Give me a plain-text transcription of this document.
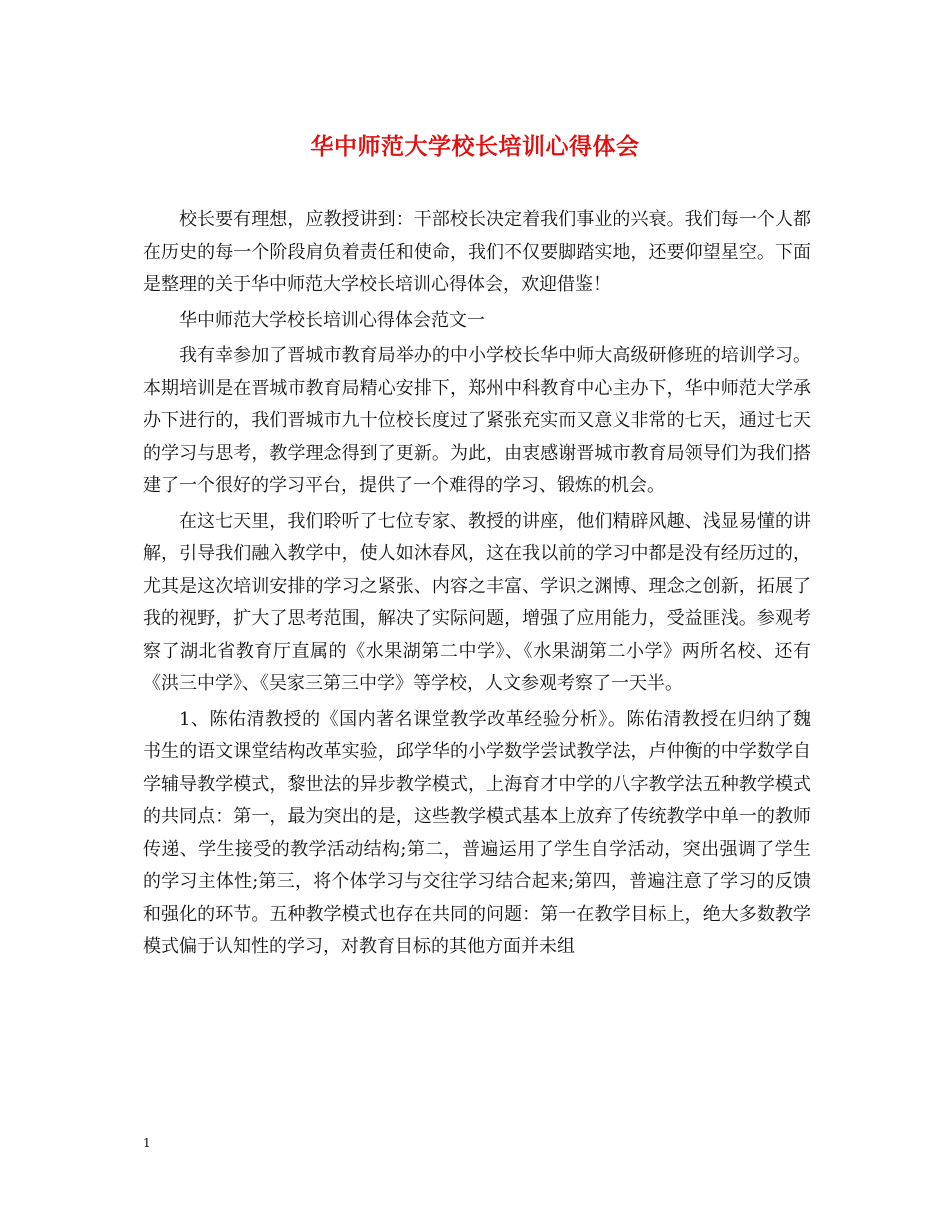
华中师范大学校长培训心得体会

校长要有理想，应教授讲到：干部校长决定着我们事业的兴衰。我们每一个人都在历史的每一个阶段肩负着责任和使命，我们不仅要脚踏实地，还要仰望星空。下面是整理的关于华中师范大学校长培训心得体会，欢迎借鉴！

华中师范大学校长培训心得体会范文一

我有幸参加了晋城市教育局举办的中小学校长华中师大高级研修班的培训学习。本期培训是在晋城市教育局精心安排下，郑州中科教育中心主办下，华中师范大学承办下进行的，我们晋城市九十位校长度过了紧张充实而又意义非常的七天，通过七天的学习与思考，教学理念得到了更新。为此，由衷感谢晋城市教育局领导们为我们搭建了一个很好的学习平台，提供了一个难得的学习、锻炼的机会。

在这七天里，我们聆听了七位专家、教授的讲座，他们精辟风趣、浅显易懂的讲解，引导我们融入教学中，使人如沐春风，这在我以前的学习中都是没有经历过的，尤其是这次培训安排的学习之紧张、内容之丰富、学识之渊博、理念之创新，拓展了我的视野，扩大了思考范围，解决了实际问题，增强了应用能力，受益匪浅。参观考察了湖北省教育厅直属的《水果湖第二中学》、《水果湖第二小学》两所名校、还有《洪三中学》、《吴家三第三中学》等学校，人文参观考察了一天半。

1、陈佑清教授的《国内著名课堂教学改革经验分析》。陈佑清教授在归纳了魏书生的语文课堂结构改革实验，邱学华的小学数学尝试教学法，卢仲衡的中学数学自学辅导教学模式，黎世法的异步教学模式，上海育才中学的八字教学法五种教学模式的共同点：第一，最为突出的是，这些教学模式基本上放弃了传统教学中单一的教师传递、学生接受的教学活动结构;第二，普遍运用了学生自学活动，突出强调了学生的学习主体性;第三，将个体学习与交往学习结合起来;第四，普遍注意了学习的反馈和强化的环节。五种教学模式也存在共同的问题：第一在教学目标上，绝大多数教学模式偏于认知性的学习，对教育目标的其他方面并未组

1
